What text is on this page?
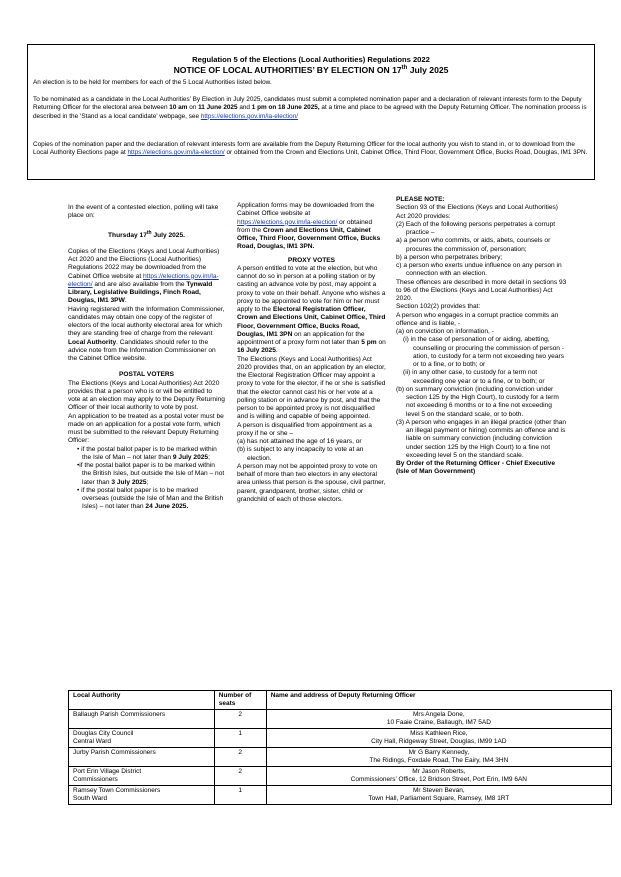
Regulation 5 of the Elections (Local Authorities) Regulations 2022
NOTICE OF LOCAL AUTHORITIES’ BY ELECTION ON 17th July 2025
An election is to be held for members for each of the 5 Local Authorities listed below.
To be nominated as a candidate in the Local Authorities’ By Election in July 2025, candidates must submit a completed nomination paper and a declaration of relevant interests form to the Deputy Returning Officer for the electoral area between 10 am on 11 June 2025 and 1 pm on 18 June 2025, at a time and place to be agreed with the Deputy Returning Officer. The nomination process is described in the ‘Stand as a local candidate’ webpage, see https://elections.gov.im/la-election/
Copies of the nomination paper and the declaration of relevant interests form are available from the Deputy Returning Officer for the local authority you wish to stand in, or to download from the Local Authority Elections page at https://elections.gov.im/la-election/ or obtained from the Crown and Elections Unit, Cabinet Office, Third Floor, Government Office, Bucks Road, Douglas, IM1 3PN.

In the event of a contested election, polling will take place on:

Thursday 17th July 2025.

Copies of the Elections (Keys and Local Authorities) Act 2020 and the Elections (Local Authorities) Regulations 2022 may be downloaded from the Cabinet Office website at https://elections.gov.im/la-election/ and are also available from the Tynwald Library, Legislative Buildings, Finch Road, Douglas, IM1 3PW.

Having registered with the Information Commissioner, candidates may obtain one copy of the register of electors of the local authority electoral area for which they are standing free of charge from the relevant Local Authority. Candidates should refer to the advice note from the Information Commissioner on the Cabinet Office website.

POSTAL VOTERS

The Elections (Keys and Local Authorities) Act 2020 provides that a person who is or will be entitled to vote at an election may apply to the Deputy Returning Officer of their local authority to vote by post.

An application to be treated as a postal voter must be made on an application for a postal vote form, which must be submitted to the relevant Deputy Returning Officer:

• if the postal ballot paper is to be marked within the Isle of Man – not later than 9 July 2025;

•if the postal ballot paper is to be marked within the British Isles, but outside the Isle of Man – not later than 3 July 2025;

• if the postal ballot paper is to be marked overseas (outside the Isle of Man and the British Isles) – not later than 24 June 2025.

Application forms may be downloaded from the Cabinet Office website at https://elections.gov.im/la-election/ or obtained from the Crown and Elections Unit, Cabinet Office, Third Floor, Government Office, Bucks Road, Douglas, IM1 3PN.

PROXY VOTES

A person entitled to vote at the election, but who cannot do so in person at a polling station or by casting an advance vote by post, may appoint a proxy to vote on their behalf. Anyone who wishes a proxy to be appointed to vote for him or her must apply to the Electoral Registration Officer, Crown and Elections Unit, Cabinet Office, Third Floor, Government Office, Bucks Road, Douglas, IM1 3PN on an application for the appointment of a proxy form not later than 5 pm on 16 July 2025.

The Elections (Keys and Local Authorities) Act 2020 provides that, on an application by an elector, the Electoral Registration Officer may appoint a proxy to vote for the elector, if he or she is satisfied that the elector cannot cast his or her vote at a polling station or in advance by post, and that the person to be appointed proxy is not disqualified and is willing and capable of being appointed.

A person is disqualified from appointment as a proxy if he or she –

(a) has not attained the age of 16 years, or

(b) is subject to any incapacity to vote at an election.

A person may not be appointed proxy to vote on behalf of more than two electors in any electoral area unless that person is the spouse, civil partner, parent, grandparent, brother, sister, child or grandchild of each of those electors.

PLEASE NOTE:

Section 93 of the Elections (Keys and Local Authorities) Act 2020 provides:

(2) Each of the following persons perpetrates a corrupt practice –

a) a person who commits, or aids, abets, counsels or procures the commission of, personation;

b) a person who perpetrates bribery;

c) a person who exerts undue influence on any person in connection with an election.

These offences are described in more detail in sections 93 to 96 of the Elections (Keys and Local Authorities) Act 2020.

Section 102(2) provides that:

A person who engages in a corrupt practice commits an offence and is liable, -

(a) on conviction on information, -

(i) in the case of personation of or aiding, abetting, counselling or procuring the commission of person -ation, to custody for a term not exceeding two years or to a fine, or to both; or

(ii) in any other case, to custody for a term not exceeding one year or to a fine, or to both; or

(b) on summary conviction (including conviction under section 125 by the High Court), to custody for a term not exceeding 6 months or to a fine not exceeding level 5 on the standard scale, or to both.

(3) A person who engages in an illegal practice (other than an illegal payment or hiring) commits an offence and is liable on summary conviction (including conviction under section 125 by the High Court) to a fine not exceeding level 5 on the standard scale.

By Order of the Returning Officer - Chief Executive (Isle of Man Government)

Local Authority	Number of seats	Name and address of Deputy Returning Officer
Ballaugh Parish Commissioners	2	Mrs Angela Done,
10 Faaie Craine, Ballaugh, IM7 5AD
Douglas City Council
Central Ward	1	Miss Kathleen Rice,
City Hall, Ridgeway Street, Douglas, IM99 1AD
Jurby Parish Commissioners	2	Mr G Barry Kennedy,
The Ridings, Foxdale Road, The Eairy, IM4 3HN
Port Erin Village District
Commissioners	2	Mr Jason Roberts,
Commissioners’ Office, 12 Bridson Street, Port Erin, IM9 6AN
Ramsey Town Commissioners
South Ward	1	Mr Steven Bevan,
Town Hall, Parliament Square, Ramsey, IM8 1RT
